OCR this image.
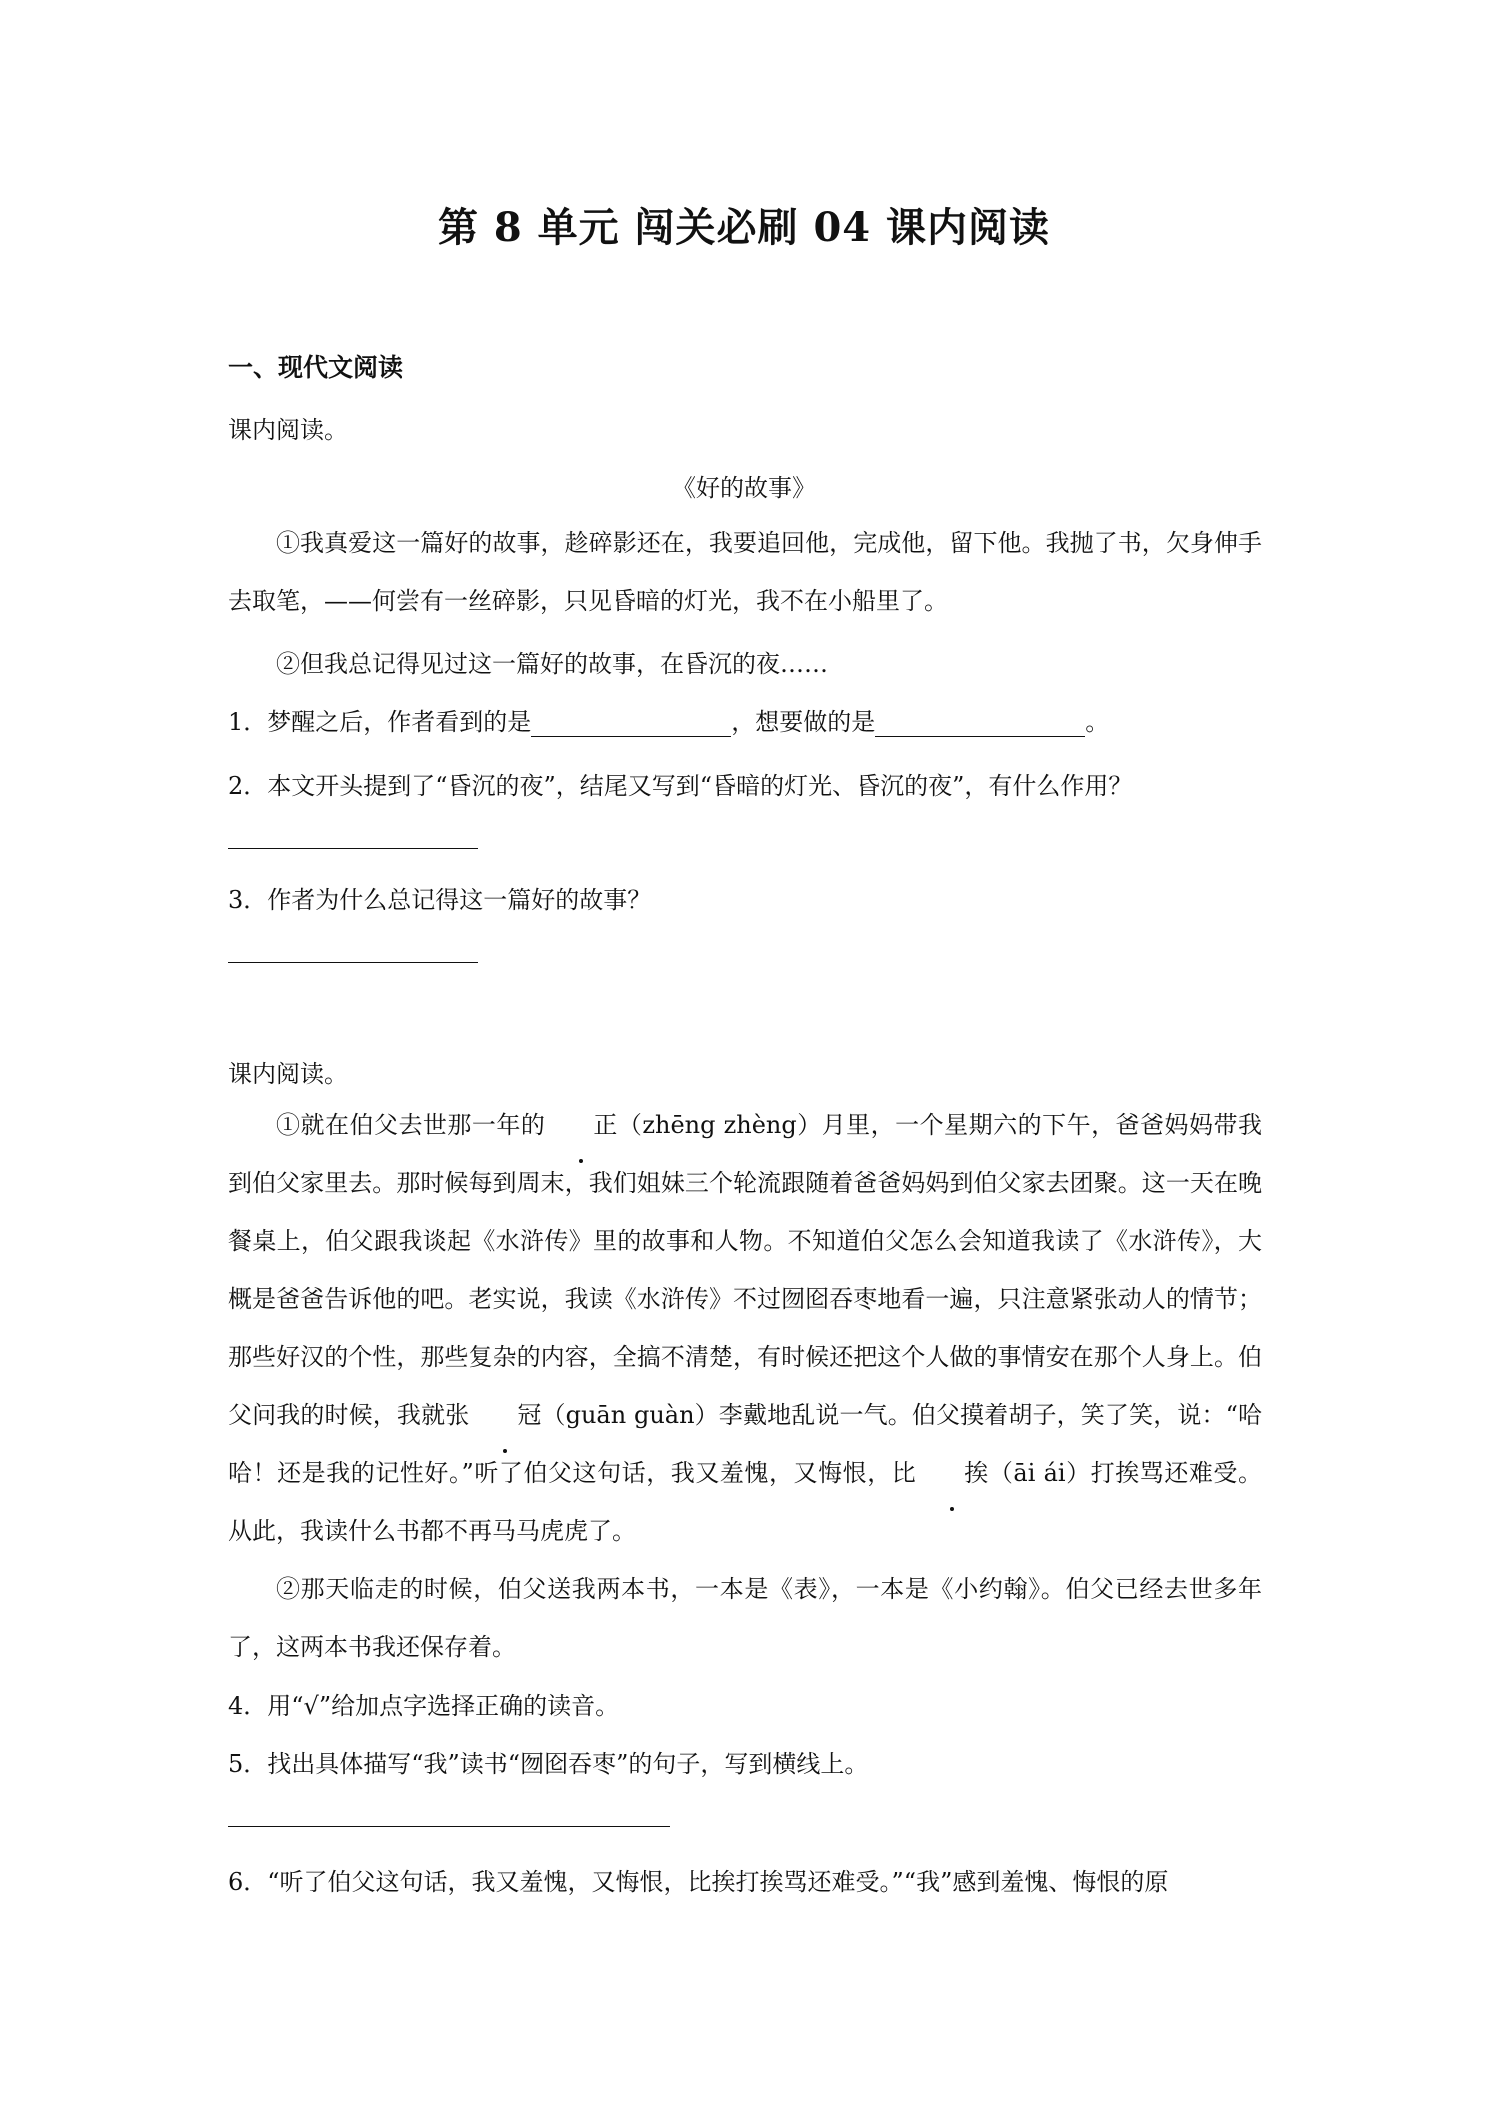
第 8 单元 闯关必刷 04 课内阅读
一、现代文阅读
课内阅读。
《好的故事》
①我真爱这一篇好的故事，趁碎影还在，我要追回他，完成他，留下他。我抛了书，欠身伸手去取笔，——何尝有一丝碎影，只见昏暗的灯光，我不在小船里了。
②但我总记得见过这一篇好的故事，在昏沉的夜……
1．梦醒之后，作者看到的是	，想要做的是	。
2．本文开头提到了“昏沉的夜”，结尾又写到“昏暗的灯光、昏沉的夜”，有什么作用？
3．作者为什么总记得这一篇好的故事？
课内阅读。
①就在伯父去世那一年的 正（zhēng zhèng）月里，一个星期六的下午，爸爸妈妈带我到伯父家里去。那时候每到周末，我们姐妹三个轮流跟随着爸爸妈妈到伯父家去团聚。这一天在晚餐桌上，伯父跟我谈起《水浒传》里的故事和人物。不知道伯父怎么会知道我读了《水浒传》，大概是爸爸告诉他的吧。老实说，我读《水浒传》不过囫囵吞枣地看一遍，只注意紧张动人的情节；那些好汉的个性，那些复杂的内容，全搞不清楚，有时候还把这个人做的事情安在那个人身上。伯父问我的时候，我就张 冠（guān guàn）李戴地乱说一气。伯父摸着胡子，笑了笑，说：“哈哈！还是我的记性好。”听了伯父这句话，我又羞愧，又悔恨，比 挨（āi ái）打挨骂还难受。从此，我读什么书都不再马马虎虎了。
②那天临走的时候，伯父送我两本书，一本是《表》，一本是《小约翰》。伯父已经去世多年了，这两本书我还保存着。
4．用“√”给加点字选择正确的读音。
5．找出具体描写“我”读书“囫囵吞枣”的句子，写到横线上。
6．“听了伯父这句话，我又羞愧，又悔恨，比挨打挨骂还难受。”“我”感到羞愧、悔恨的原
